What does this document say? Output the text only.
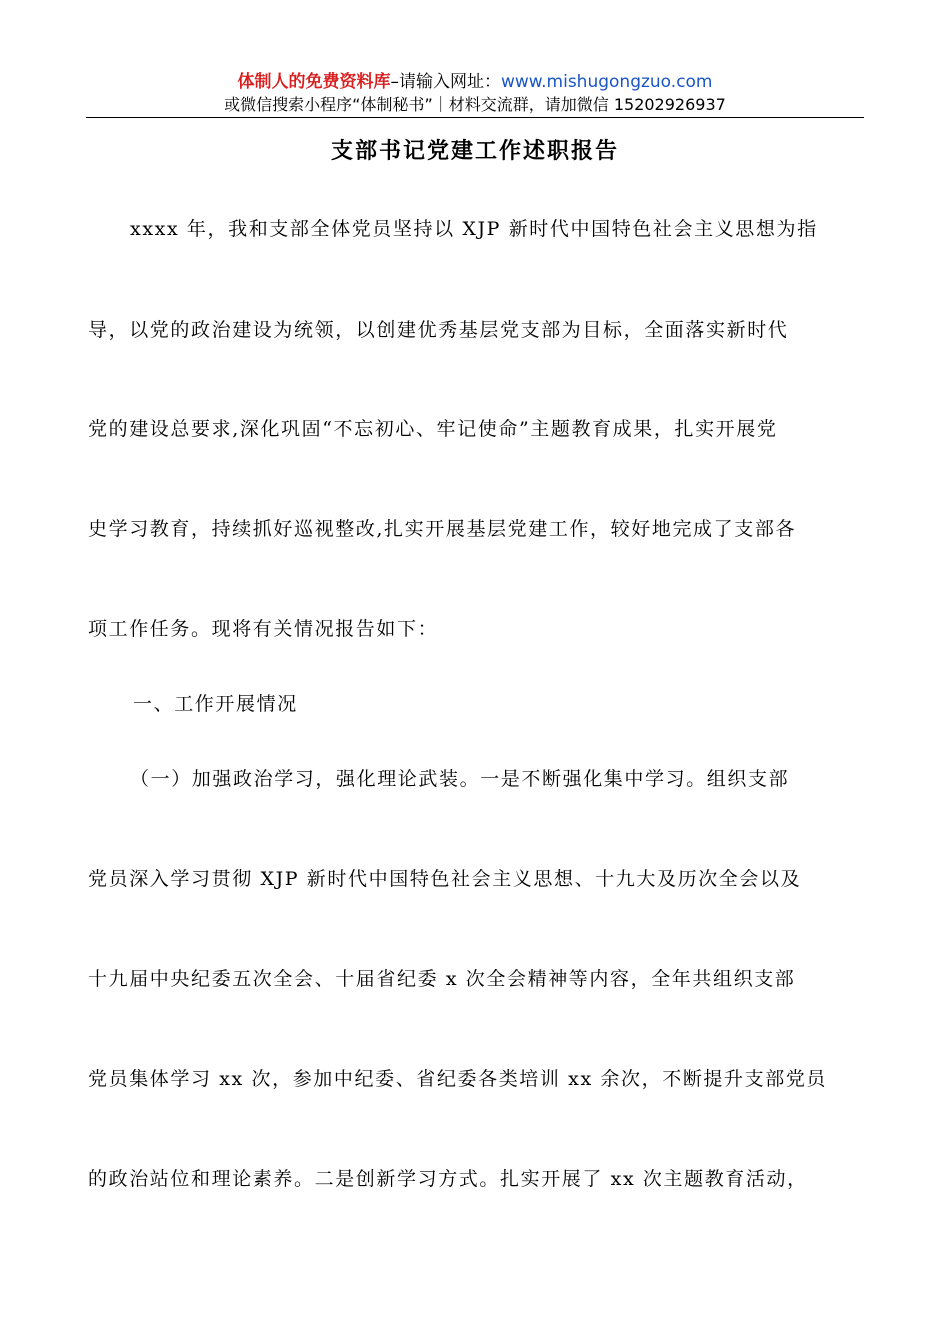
体制人的免费资料库–请输入网址：www.mishugongzuo.com
或微信搜索小程序“体制秘书”｜材料交流群，请加微信 15202926937
支部书记党建工作述职报告
xxxx 年，我和支部全体党员坚持以 XJP 新时代中国特色社会主义思想为指
导，以党的政治建设为统领，以创建优秀基层党支部为目标，全面落实新时代
党的建设总要求,深化巩固“不忘初心、牢记使命”主题教育成果，扎实开展党
史学习教育，持续抓好巡视整改,扎实开展基层党建工作，较好地完成了支部各
项工作任务。现将有关情况报告如下：
一、工作开展情况
（一）加强政治学习，强化理论武装。一是不断强化集中学习。组织支部
党员深入学习贯彻 XJP 新时代中国特色社会主义思想、十九大及历次全会以及
十九届中央纪委五次全会、十届省纪委 x 次全会精神等内容，全年共组织支部
党员集体学习 xx 次，参加中纪委、省纪委各类培训 xx 余次，不断提升支部党员
的政治站位和理论素养。二是创新学习方式。扎实开展了 xx 次主题教育活动，
